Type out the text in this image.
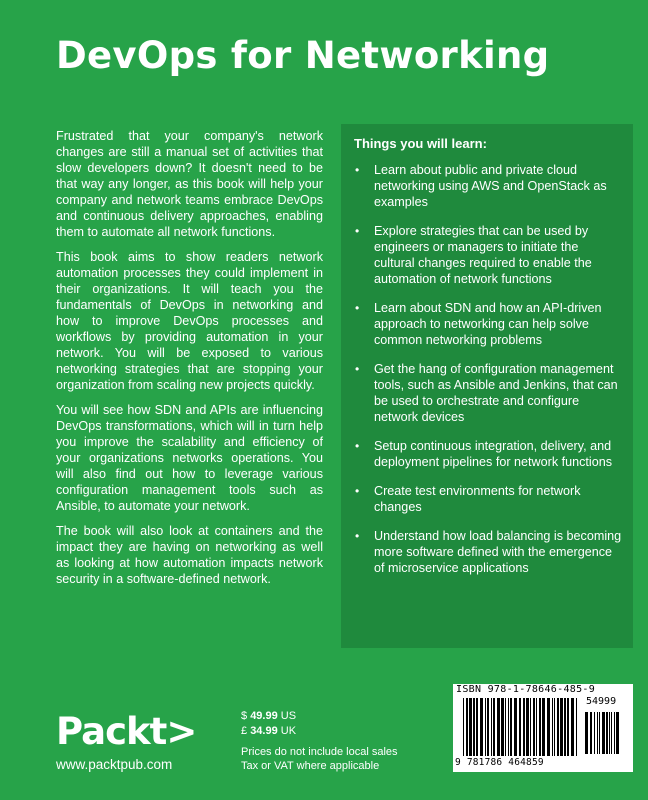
DevOps for Networking

Frustrated that your company's network changes are still a manual set of activities that slow developers down? It doesn't need to be that way any longer, as this book will help your company and network teams embrace DevOps and continuous delivery approaches, enabling them to automate all network functions.

This book aims to show readers network automation processes they could implement in their organizations. It will teach you the fundamentals of DevOps in networking and how to improve DevOps processes and workflows by providing automation in your network. You will be exposed to various networking strategies that are stopping your organization from scaling new projects quickly.

You will see how SDN and APIs are influencing DevOps transformations, which will in turn help you improve the scalability and efficiency of your organizations networks operations. You will also find out how to leverage various configuration management tools such as Ansible, to automate your network.

The book will also look at containers and the impact they are having on networking as well as looking at how automation impacts network security in a software-defined network.

Things you will learn:
• Learn about public and private cloud networking using AWS and OpenStack as examples
• Explore strategies that can be used by engineers or managers to initiate the cultural changes required to enable the automation of network functions
• Learn about SDN and how an API-driven approach to networking can help solve common networking problems
• Get the hang of configuration management tools, such as Ansible and Jenkins, that can be used to orchestrate and configure network devices
• Setup continuous integration, delivery, and deployment pipelines for network functions
• Create test environments for network changes
• Understand how load balancing is becoming more software defined with the emergence of microservice applications
Packt>
www.packtpub.com
$ 49.99 US
£ 34.99 UK
Prices do not include local sales
Tax or VAT where applicable
ISBN 978-1-78646-485-9
54999
9 781786 464859
